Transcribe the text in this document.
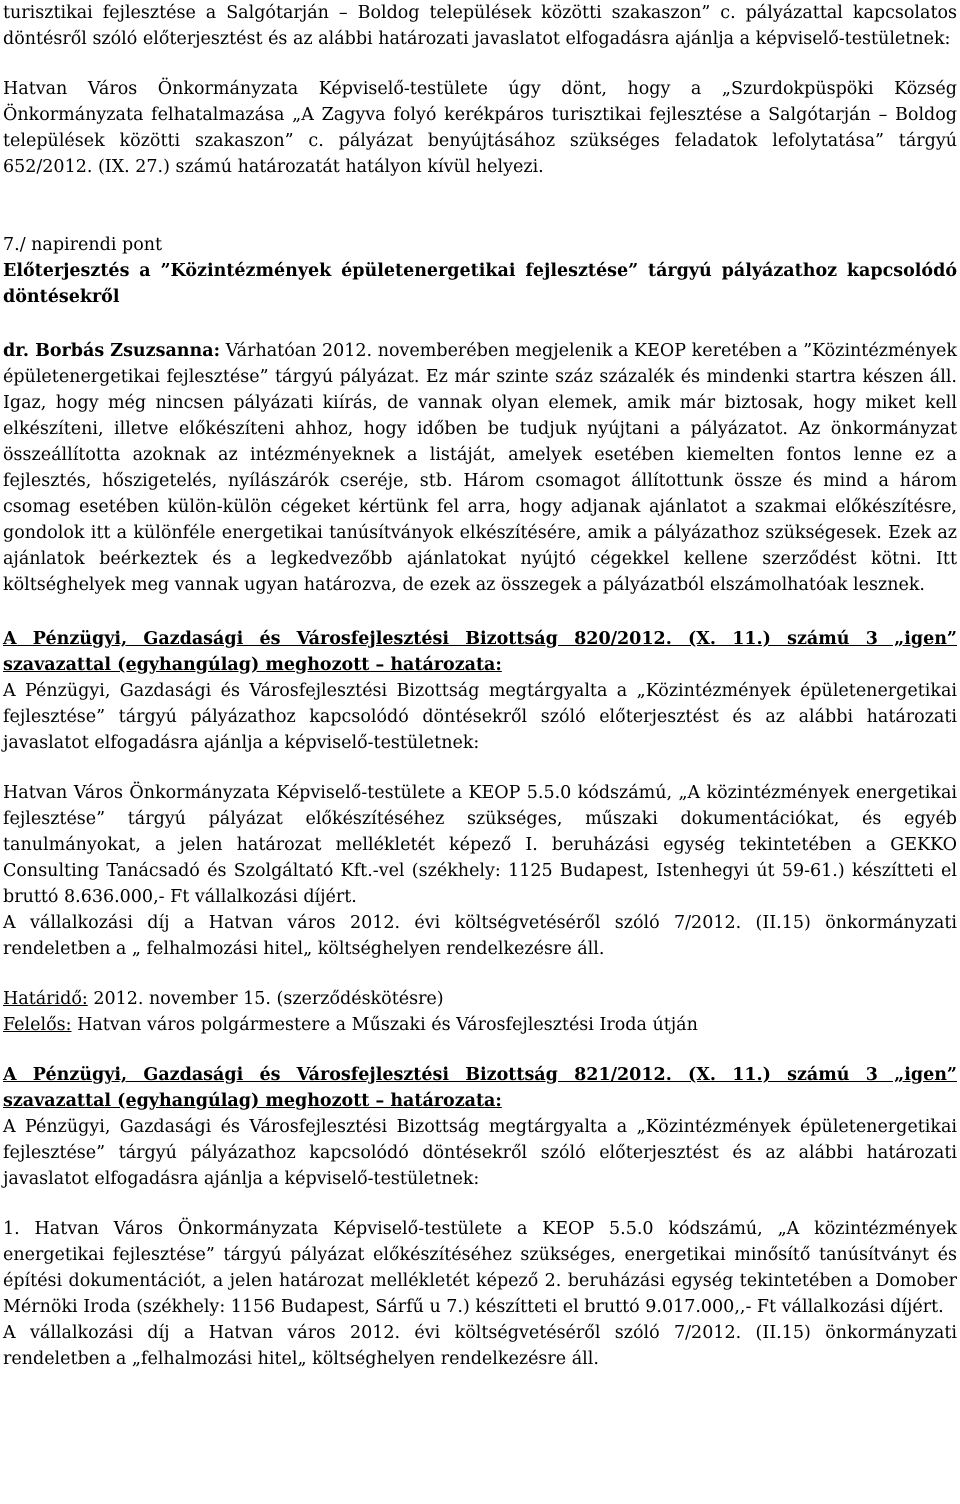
turisztikai fejlesztése a Salgótarján – Boldog települések közötti szakaszon” c. pályázattal kapcsolatos döntésről szóló előterjesztést és az alábbi határozati javaslatot elfogadásra ajánlja a képviselő-testületnek:

Hatvan Város Önkormányzata Képviselő-testülete úgy dönt, hogy a „Szurdokpüspöki Község Önkormányzata felhatalmazása „A Zagyva folyó kerékpáros turisztikai fejlesztése a Salgótarján – Boldog települések közötti szakaszon” c. pályázat benyújtásához szükséges feladatok lefolytatása” tárgyú 652/2012. (IX. 27.) számú határozatát hatályon kívül helyezi.

7./ napirendi pont

Előterjesztés a ”Közintézmények épületenergetikai fejlesztése” tárgyú pályázathoz kapcsolódó döntésekről

dr. Borbás Zsuzsanna: Várhatóan 2012. novemberében megjelenik a KEOP keretében a ”Közintézmények épületenergetikai fejlesztése” tárgyú pályázat. Ez már szinte száz százalék és mindenki startra készen áll. Igaz, hogy még nincsen pályázati kiírás, de vannak olyan elemek, amik már biztosak, hogy miket kell elkészíteni, illetve előkészíteni ahhoz, hogy időben be tudjuk nyújtani a pályázatot. Az önkormányzat összeállította azoknak az intézményeknek a listáját, amelyek esetében kiemelten fontos lenne ez a fejlesztés, hőszigetelés, nyílászárók cseréje, stb. Három csomagot állítottunk össze és mind a három csomag esetében külön-külön cégeket kértünk fel arra, hogy adjanak ajánlatot a szakmai előkészítésre, gondolok itt a különféle energetikai tanúsítványok elkészítésére, amik a pályázathoz szükségesek. Ezek az ajánlatok beérkeztek és a legkedvezőbb ajánlatokat nyújtó cégekkel kellene szerződést kötni. Itt költséghelyek meg vannak ugyan határozva, de ezek az összegek a pályázatból elszámolhatóak lesznek.

A Pénzügyi, Gazdasági és Városfejlesztési Bizottság 820/2012. (X. 11.) számú 3 „igen”

szavazattal (egyhangúlag) meghozott – határozata:

A Pénzügyi, Gazdasági és Városfejlesztési Bizottság megtárgyalta a „Közintézmények épületenergetikai fejlesztése” tárgyú pályázathoz kapcsolódó döntésekről szóló előterjesztést és az alábbi határozati javaslatot elfogadásra ajánlja a képviselő-testületnek:

Hatvan Város Önkormányzata Képviselő-testülete a KEOP 5.5.0 kódszámú, „A közintézmények energetikai fejlesztése” tárgyú pályázat előkészítéséhez szükséges, műszaki dokumentációkat, és egyéb tanulmányokat, a jelen határozat mellékletét képező I. beruházási egység tekintetében a GEKKO Consulting Tanácsadó és Szolgáltató Kft.-vel (székhely: 1125 Budapest, Istenhegyi út 59-61.) készítteti el bruttó 8.636.000,- Ft vállalkozási díjért.

A vállalkozási díj a Hatvan város 2012. évi költségvetéséről szóló 7/2012. (II.15) önkormányzati rendeletben a „ felhalmozási hitel„ költséghelyen rendelkezésre áll.

Határidő: 2012. november 15. (szerződéskötésre)

Felelős: Hatvan város polgármestere a Műszaki és Városfejlesztési Iroda útján

A Pénzügyi, Gazdasági és Városfejlesztési Bizottság 821/2012. (X. 11.) számú 3 „igen”

szavazattal (egyhangúlag) meghozott – határozata:

A Pénzügyi, Gazdasági és Városfejlesztési Bizottság megtárgyalta a „Közintézmények épületenergetikai fejlesztése” tárgyú pályázathoz kapcsolódó döntésekről szóló előterjesztést és az alábbi határozati javaslatot elfogadásra ajánlja a képviselő-testületnek:

1. Hatvan Város Önkormányzata Képviselő-testülete a KEOP 5.5.0 kódszámú, „A közintézmények energetikai fejlesztése” tárgyú pályázat előkészítéséhez szükséges, energetikai minősítő tanúsítványt és építési dokumentációt, a jelen határozat mellékletét képező 2. beruházási egység tekintetében a Domober Mérnöki Iroda (székhely: 1156 Budapest, Sárfű u 7.) készítteti el bruttó 9.017.000,,- Ft vállalkozási díjért.

A vállalkozási díj a Hatvan város 2012. évi költségvetéséről szóló 7/2012. (II.15) önkormányzati rendeletben a „felhalmozási hitel„ költséghelyen rendelkezésre áll.
